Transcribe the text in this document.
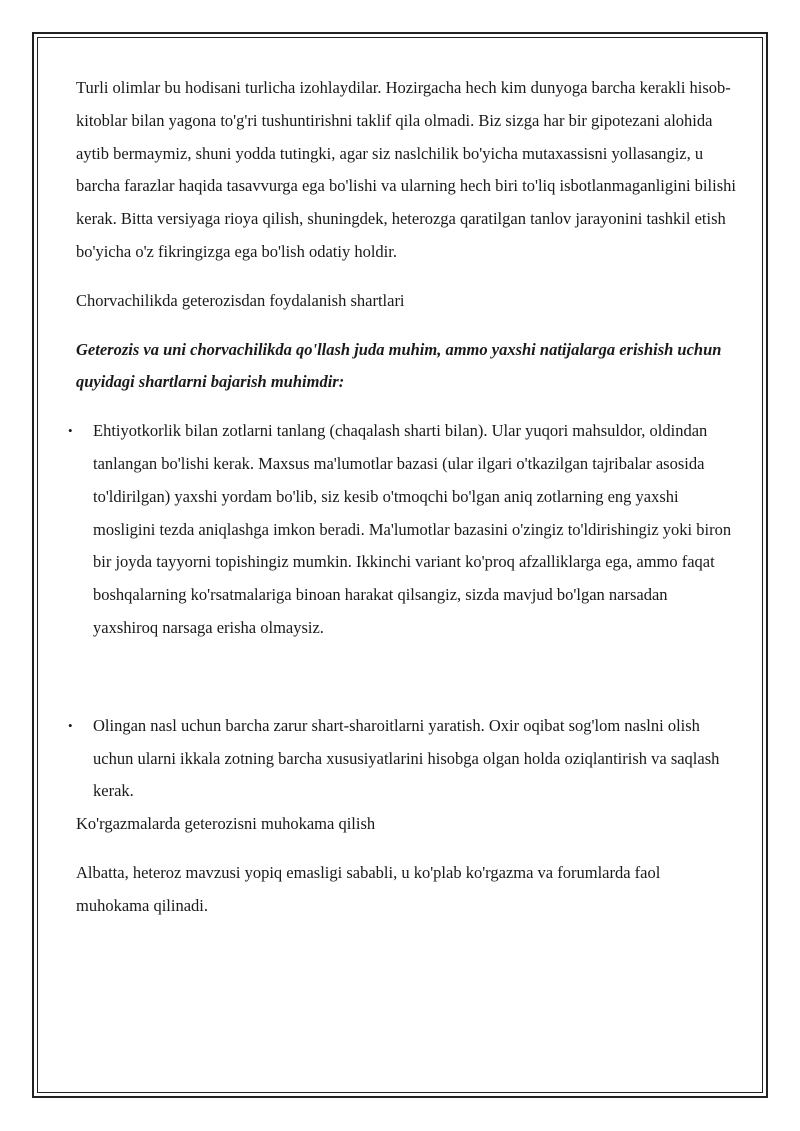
Turli olimlar bu hodisani turlicha izohlaydilar. Hozirgacha hech kim dunyoga barcha kerakli hisob-kitoblar bilan yagona to'g'ri tushuntirishni taklif qila olmadi. Biz sizga har bir gipotezani alohida aytib bermaymiz, shuni yodda tutingki, agar siz naslchilik bo'yicha mutaxassisni yollasangiz, u barcha farazlar haqida tasavvurga ega bo'lishi va ularning hech biri to'liq isbotlanmaganligini bilishi kerak. Bitta versiyaga rioya qilish, shuningdek, heterozga qaratilgan tanlov jarayonini tashkil etish bo'yicha o'z fikringizga ega bo'lish odatiy holdir.

Chorvachilikda geterozisdan foydalanish shartlari

Geterozis va uni chorvachilikda qo'llash juda muhim, ammo yaxshi natijalarga erishish uchun quyidagi shartlarni bajarish muhimdir:

• Ehtiyotkorlik bilan zotlarni tanlang (chaqalash sharti bilan). Ular yuqori mahsuldor, oldindan tanlangan bo'lishi kerak. Maxsus ma'lumotlar bazasi (ular ilgari o'tkazilgan tajribalar asosida to'ldirilgan) yaxshi yordam bo'lib, siz kesib o'tmoqchi bo'lgan aniq zotlarning eng yaxshi mosligini tezda aniqlashga imkon beradi. Ma'lumotlar bazasini o'zingiz to'ldirishingiz yoki biron bir joyda tayyorni topishingiz mumkin. Ikkinchi variant ko'proq afzalliklarga ega, ammo faqat boshqalarning ko'rsatmalariga binoan harakat qilsangiz, sizda mavjud bo'lgan narsadan yaxshiroq narsaga erisha olmaysiz.
• Olingan nasl uchun barcha zarur shart-sharoitlarni yaratish. Oxir oqibat sog'lom naslni olish uchun ularni ikkala zotning barcha xususiyatlarini hisobga olgan holda oziqlantirish va saqlash kerak.

Ko'rgazmalarda geterozisni muhokama qilish

Albatta, heteroz mavzusi yopiq emasligi sababli, u ko'plab ko'rgazma va forumlarda faol muhokama qilinadi.
